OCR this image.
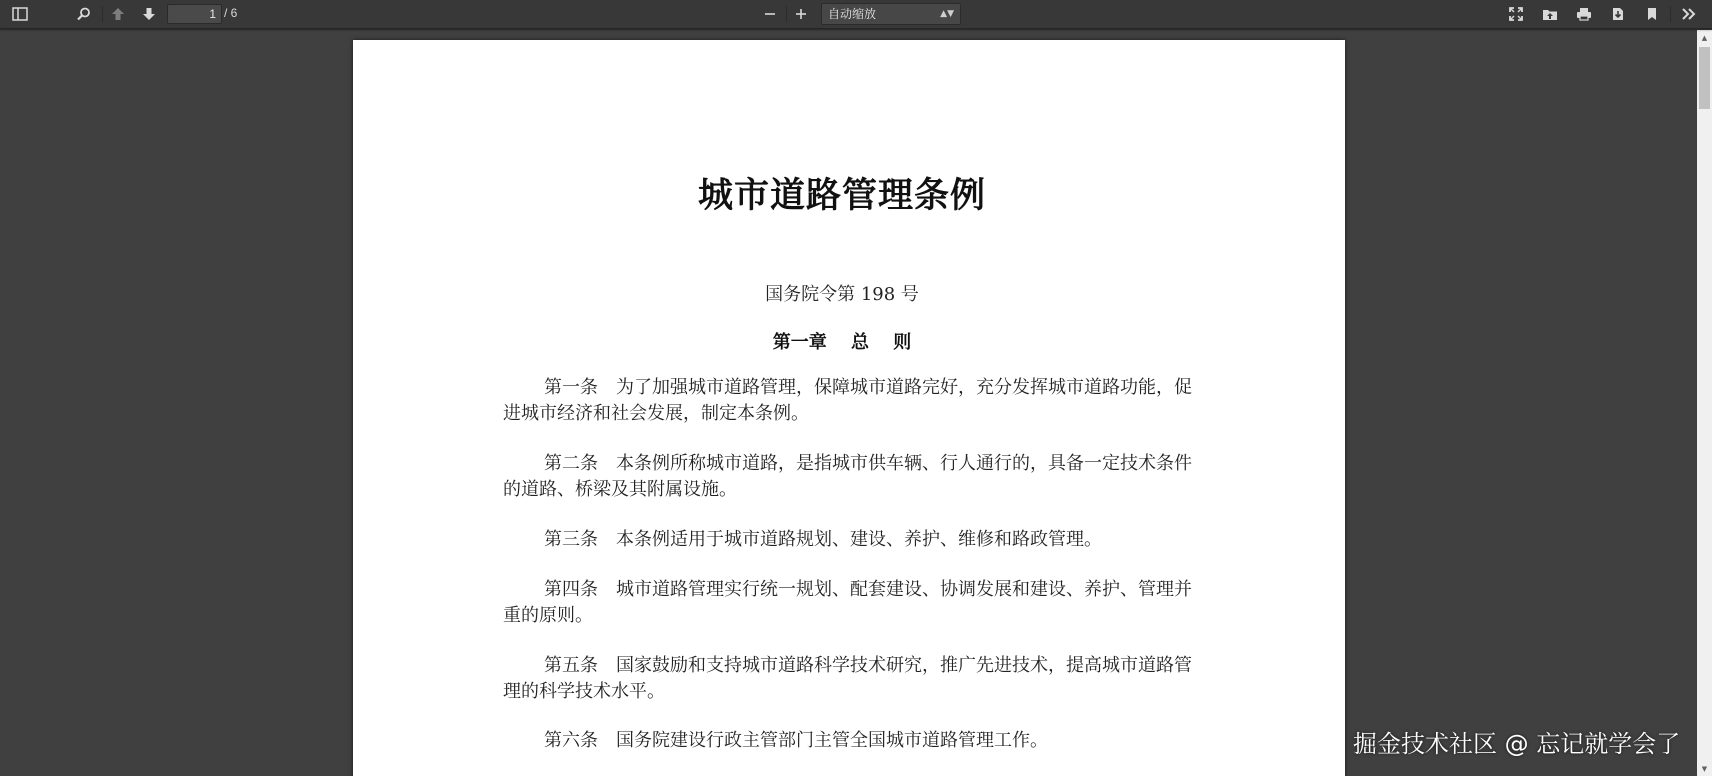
1
/ 6	自动缩放	▲▼
城市道路管理条例
国务院令第 198 号
第一章　 总　 则
第一条　为了加强城市道路管理，保障城市道路完好，充分发挥城市道路功能，促进城市经济和社会发展，制定本条例。
第二条　本条例所称城市道路，是指城市供车辆、行人通行的，具备一定技术条件的道路、桥梁及其附属设施。
第三条　本条例适用于城市道路规划、建设、养护、维修和路政管理。
第四条　城市道路管理实行统一规划、配套建设、协调发展和建设、养护、管理并重的原则。
第五条　国家鼓励和支持城市道路科学技术研究，推广先进技术，提高城市道路管理的科学技术水平。
第六条　国务院建设行政主管部门主管全国城市道路管理工作。
▲
▼
掘金技术社区 @ 忘记就学会了
